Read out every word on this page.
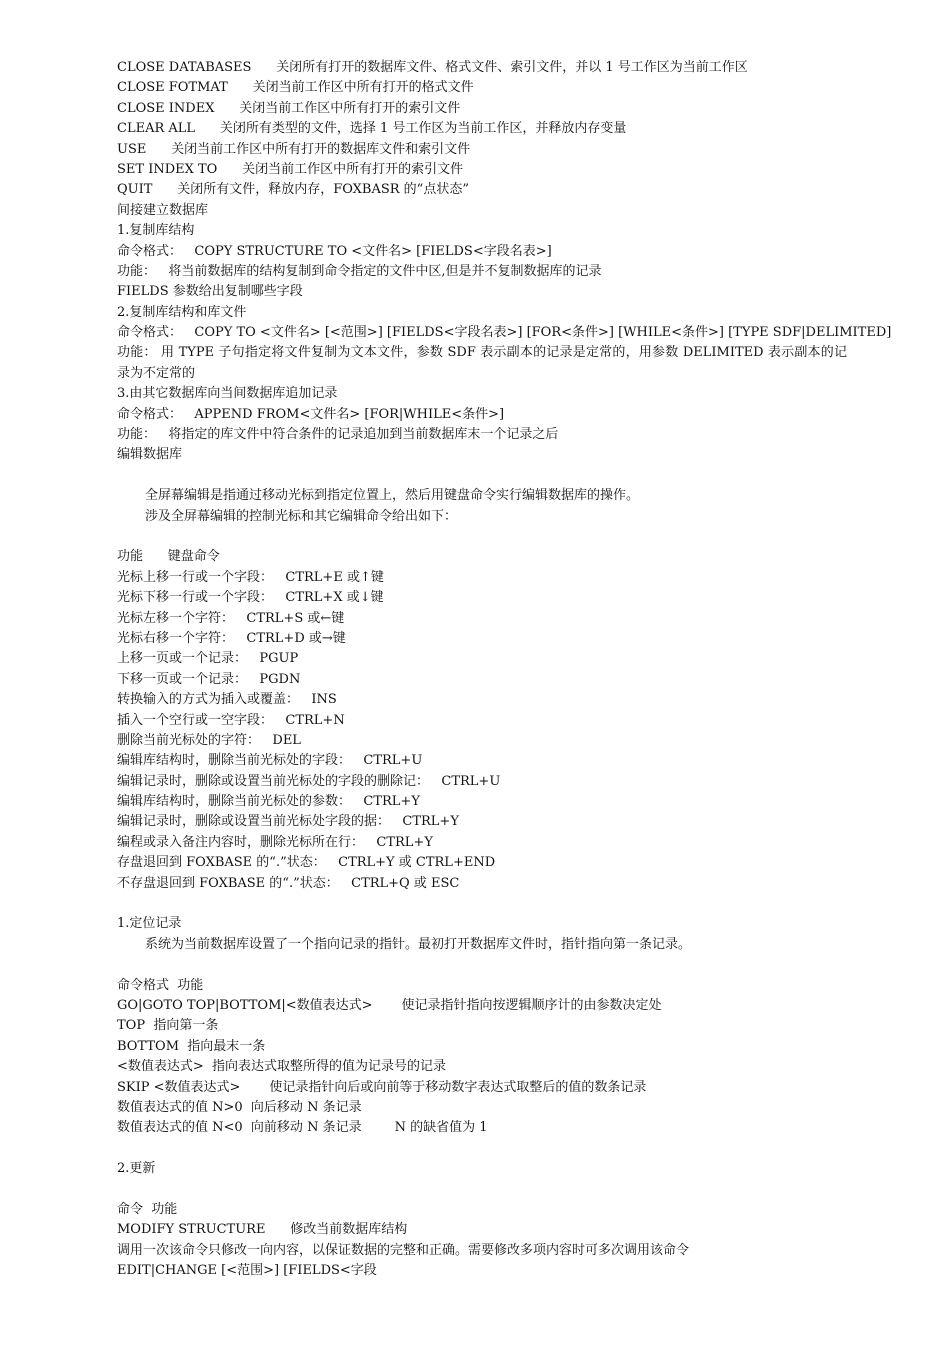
CLOSE DATABASES      关闭所有打开的数据库文件、格式文件、索引文件，并以 1 号工作区为当前工作区
CLOSE FOTMAT      关闭当前工作区中所有打开的格式文件
CLOSE INDEX      关闭当前工作区中所有打开的索引文件
CLEAR ALL      关闭所有类型的文件，选择 1 号工作区为当前工作区，并释放内存变量
USE      关闭当前工作区中所有打开的数据库文件和索引文件
SET INDEX TO      关闭当前工作区中所有打开的索引文件
QUIT      关闭所有文件，释放内存，FOXBASR 的“点状态”
间接建立数据库
1.复制库结构
命令格式：   COPY STRUCTURE TO <文件名> [FIELDS<字段名表>]
功能：   将当前数据库的结构复制到命令指定的文件中区,但是并不复制数据库的记录
FIELDS 参数给出复制哪些字段
2.复制库结构和库文件
命令格式：   COPY TO <文件名> [<范围>] [FIELDS<字段名表>] [FOR<条件>] [WHILE<条件>] [TYPE SDF|DELIMITED]
功能： 用 TYPE 子句指定将文件复制为文本文件，参数 SDF 表示副本的记录是定常的，用参数 DELIMITED 表示副本的记录为不定常的
3.由其它数据库向当间数据库追加记录
命令格式：   APPEND FROM<文件名> [FOR|WHILE<条件>]
功能：   将指定的库文件中符合条件的记录追加到当前数据库末一个记录之后
编辑数据库
全屏幕编辑是指通过移动光标到指定位置上，然后用键盘命令实行编辑数据库的操作。
涉及全屏幕编辑的控制光标和其它编辑命令给出如下：
功能      键盘命令
光标上移一行或一个字段：   CTRL+E 或↑键
光标下移一行或一个字段：   CTRL+X 或↓键
光标左移一个字符：   CTRL+S 或←键
光标右移一个字符：   CTRL+D 或→键
上移一页或一个记录：   PGUP
下移一页或一个记录：   PGDN
转换输入的方式为插入或覆盖：   INS
插入一个空行或一空字段：   CTRL+N
删除当前光标处的字符：   DEL
编辑库结构时，删除当前光标处的字段：   CTRL+U
编辑记录时，删除或设置当前光标处的字段的删除记：   CTRL+U
编辑库结构时，删除当前光标处的参数：   CTRL+Y
编辑记录时，删除或设置当前光标处字段的据：   CTRL+Y
编程或录入备注内容时，删除光标所在行：   CTRL+Y
存盘退回到 FOXBASE 的“.”状态：   CTRL+Y 或 CTRL+END
不存盘退回到 FOXBASE 的“.”状态：   CTRL+Q 或 ESC
1.定位记录
系统为当前数据库设置了一个指向记录的指针。最初打开数据库文件时，指针指向第一条记录。
命令格式  功能
GO|GOTO TOP|BOTTOM|<数值表达式>       使记录指针指向按逻辑顺序计的由参数决定处
TOP  指向第一条
BOTTOM  指向最末一条
<数值表达式>  指向表达式取整所得的值为记录号的记录
SKIP <数值表达式>       使记录指针向后或向前等于移动数字表达式取整后的值的数条记录
数值表达式的值 N>0  向后移动 N 条记录
数值表达式的值 N<0  向前移动 N 条记录        N 的缺省值为 1
2.更新
命令  功能
MODIFY STRUCTURE      修改当前数据库结构
调用一次该命令只修改一向内容，以保证数据的完整和正确。需要修改多项内容时可多次调用该命令
EDIT|CHANGE [<范围>] [FIELDS<字段
